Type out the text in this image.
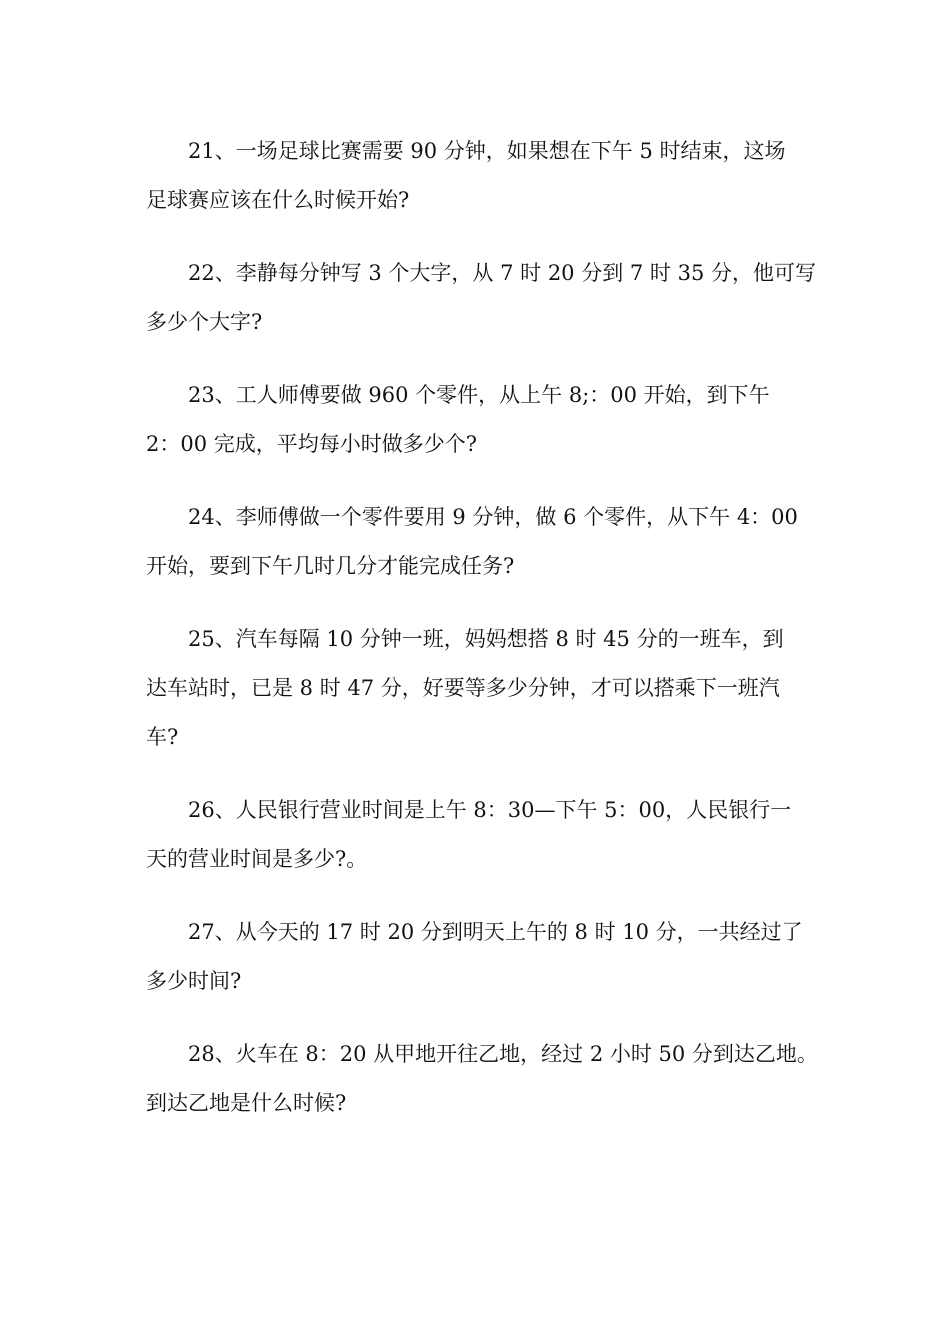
21、一场足球比赛需要 90 分钟，如果想在下午 5 时结束，这场
足球赛应该在什么时候开始?

22、李静每分钟写 3 个大字，从 7 时 20 分到 7 时 35 分，他可写
多少个大字?

23、工人师傅要做 960 个零件，从上午 8;：00 开始，到下午
2：00 完成，平均每小时做多少个?

24、李师傅做一个零件要用 9 分钟，做 6 个零件，从下午 4：00
开始，要到下午几时几分才能完成任务?

25、汽车每隔 10 分钟一班，妈妈想搭 8 时 45 分的一班车，到
达车站时，已是 8 时 47 分，好要等多少分钟，才可以搭乘下一班汽
车?

26、人民银行营业时间是上午 8：30—下午 5：00，人民银行一
天的营业时间是多少?。

27、从今天的 17 时 20 分到明天上午的 8 时 10 分，一共经过了
多少时间?

28、火车在 8：20 从甲地开往乙地，经过 2 小时 50 分到达乙地。
到达乙地是什么时候?
